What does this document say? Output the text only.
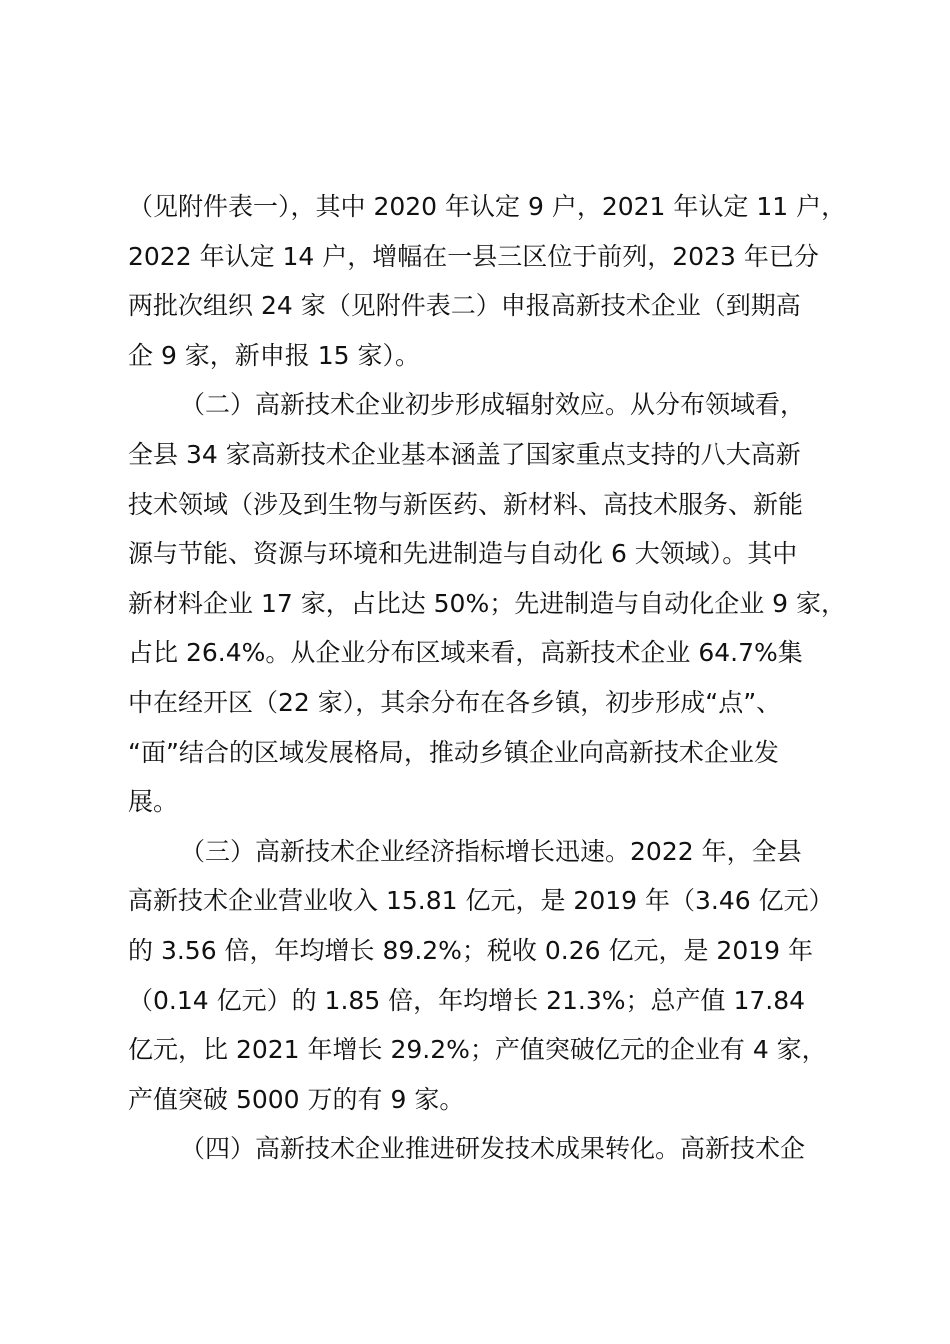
（见附件表一），其中 2020 年认定 9 户，2021 年认定 11 户，
2022 年认定 14 户，增幅在一县三区位于前列，2023 年已分
两批次组织 24 家（见附件表二）申报高新技术企业（到期高
企 9 家，新申报 15 家）。
（二）高新技术企业初步形成辐射效应。从分布领域看，
全县 34 家高新技术企业基本涵盖了国家重点支持的八大高新
技术领域（涉及到生物与新医药、新材料、高技术服务、新能
源与节能、资源与环境和先进制造与自动化 6 大领域）。其中
新材料企业 17 家，占比达 50%；先进制造与自动化企业 9 家，
占比 26.4%。从企业分布区域来看，高新技术企业 64.7%集
中在经开区（22 家），其余分布在各乡镇，初步形成“点”、
“面”结合的区域发展格局，推动乡镇企业向高新技术企业发
展。
（三）高新技术企业经济指标增长迅速。2022 年，全县
高新技术企业营业收入 15.81 亿元，是 2019 年（3.46 亿元）
的 3.56 倍，年均增长 89.2%；税收 0.26 亿元，是 2019 年
（0.14 亿元）的 1.85 倍，年均增长 21.3%；总产值 17.84
亿元，比 2021 年增长 29.2%；产值突破亿元的企业有 4 家，
产值突破 5000 万的有 9 家。
（四）高新技术企业推进研发技术成果转化。高新技术企
